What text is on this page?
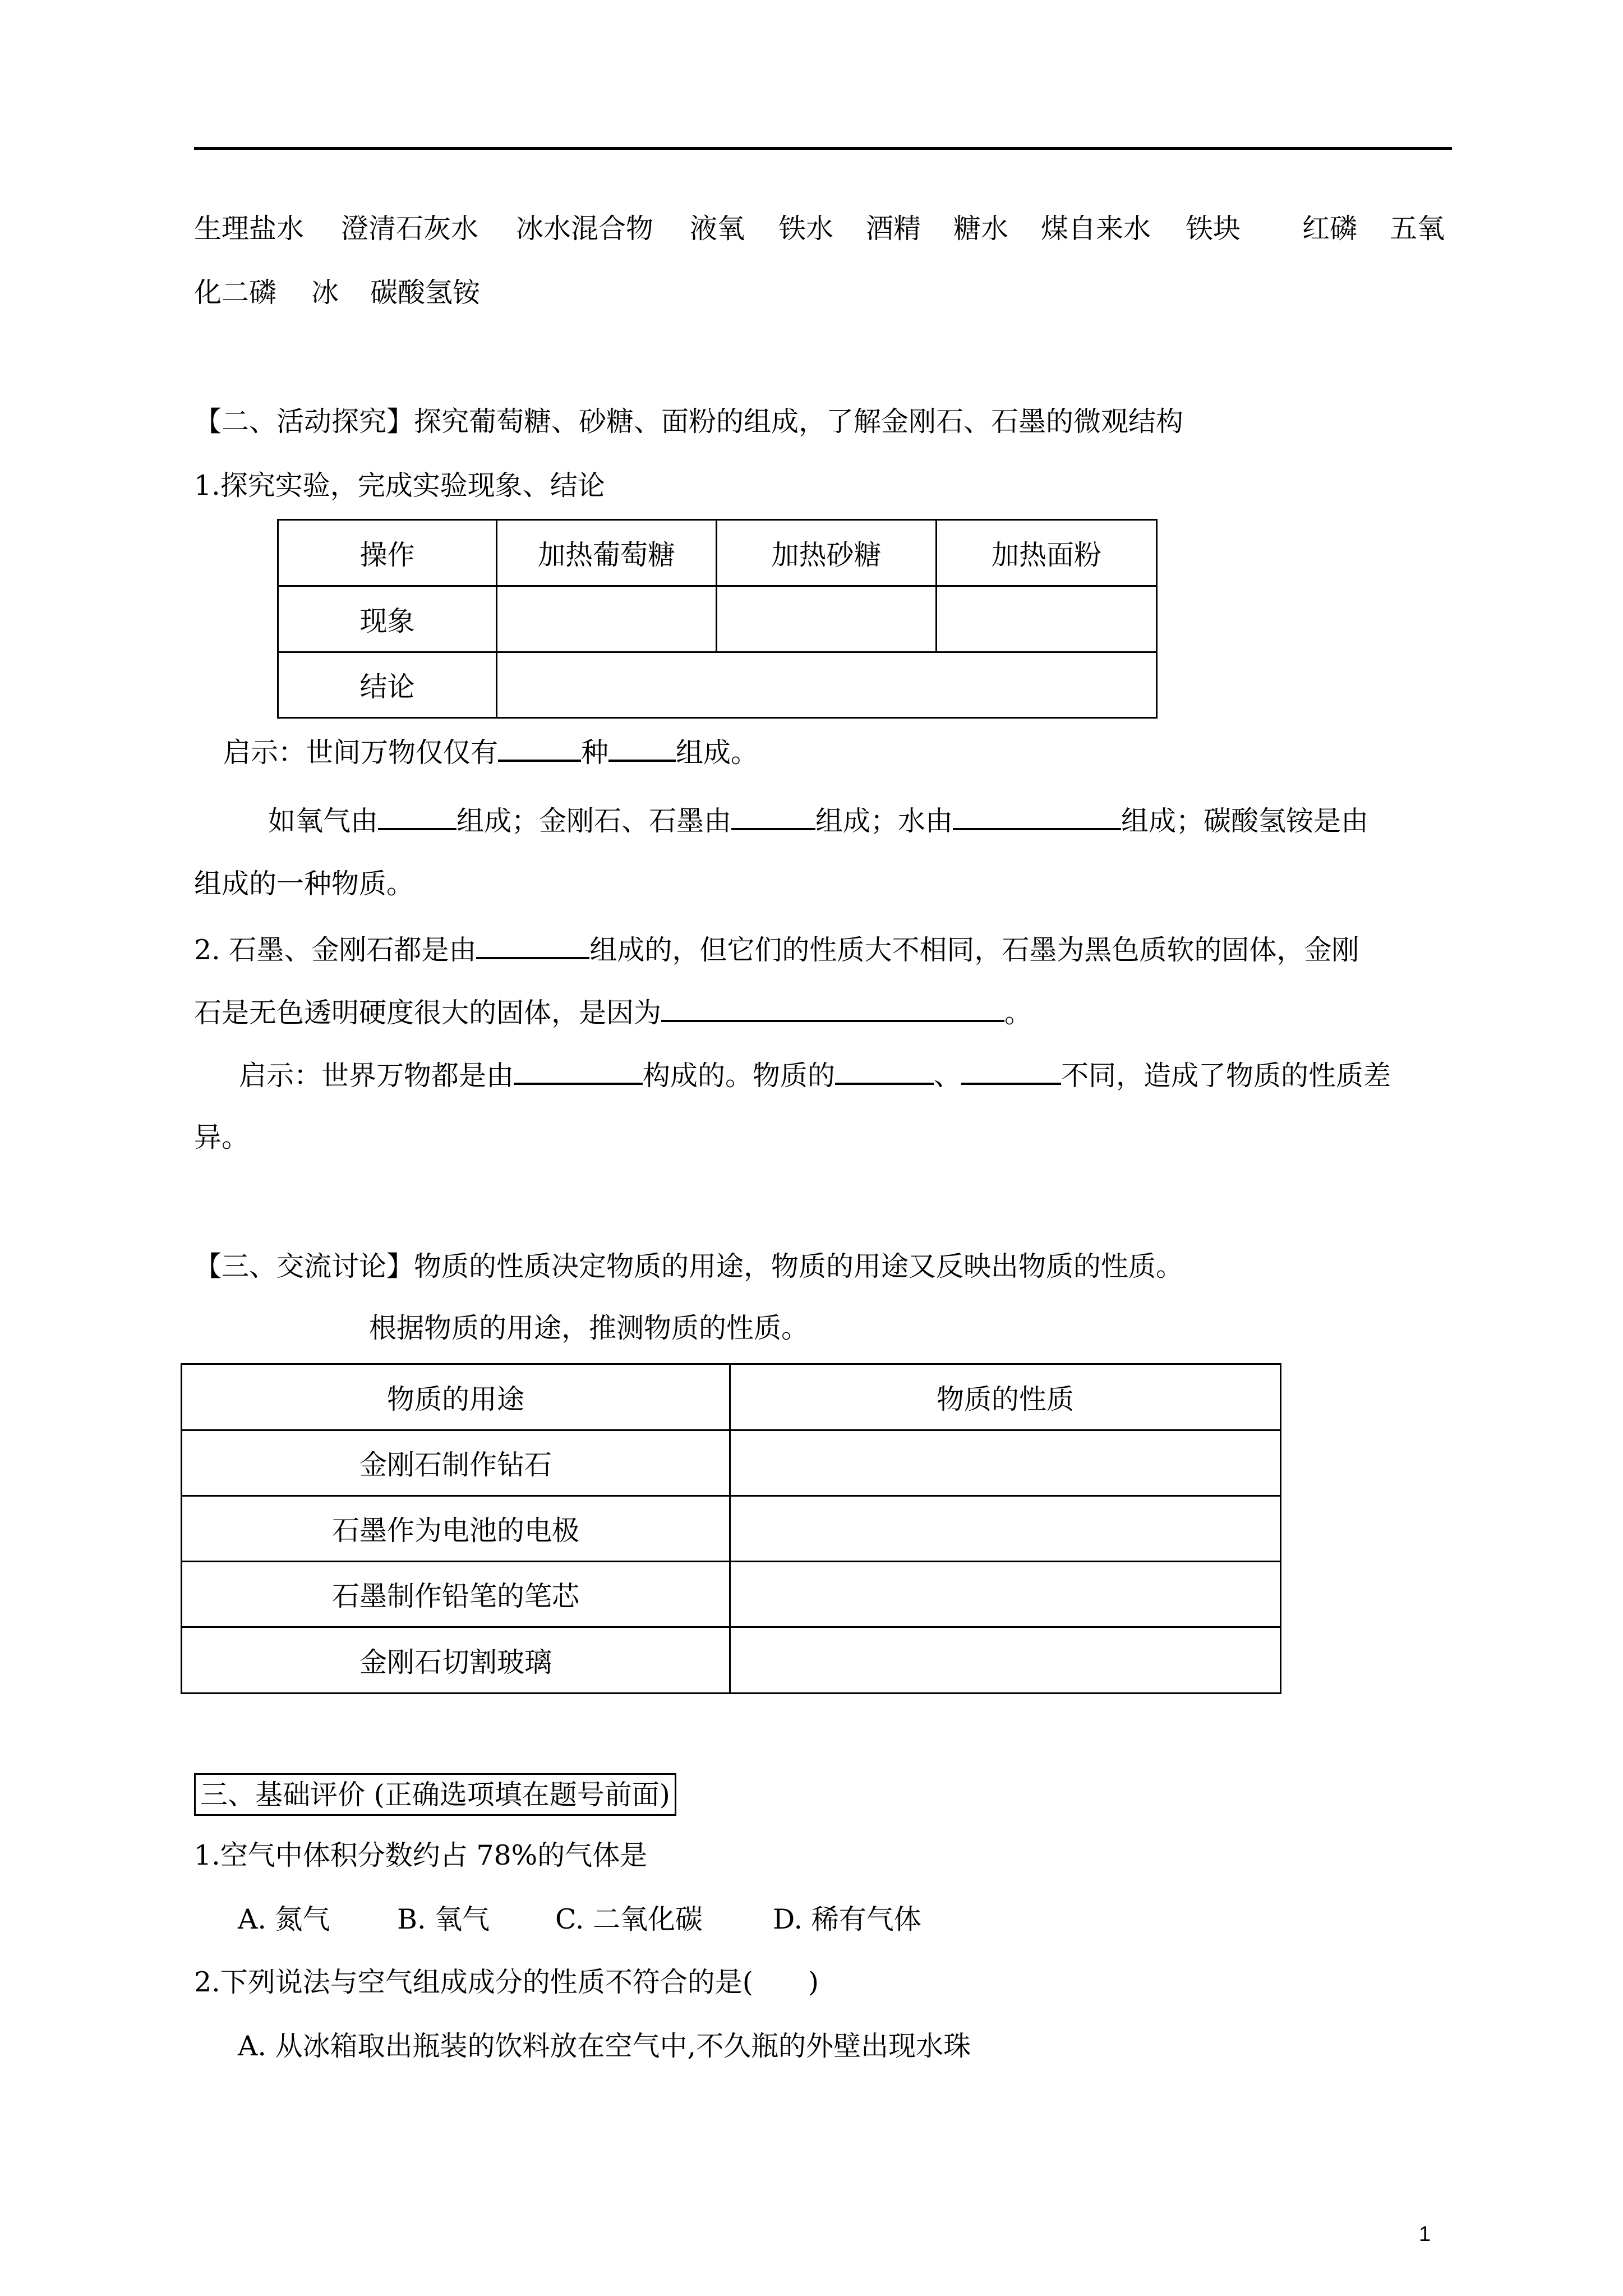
生理盐水 澄清石灰水 冰水混合物 液氧 铁水 酒精 糖水 煤自来水 铁块 红磷 五氧
化二磷 冰 碳酸氢铵
【二、活动探究】探究葡萄糖、砂糖、面粉的组成，了解金刚石、石墨的微观结构
1.探究实验，完成实验现象、结论
操作	加热葡萄糖	加热砂糖	加热面粉
现象			
结论			
启示：世间万物仅仅有	种 组成。
如氧气由	组成；金刚石、石墨由	组成；水由	组成；碳酸氢铵是由
组成的一种物质。
2. 石墨、金刚石都是由	组成的，但它们的性质大不相同，石墨为黑色质软的固体，金刚
石是无色透明硬度很大的固体，是因为	。
启示：世界万物都是由	构成的。物质的	、	不同，造成了物质的性质差
异。
【三、交流讨论】物质的性质决定物质的用途，物质的用途又反映出物质的性质。
根据物质的用途，推测物质的性质。
物质的用途	物质的性质
金刚石制作钻石	
石墨作为电池的电极	
石墨制作铅笔的笔芯	
金刚石切割玻璃	
三、基础评价 (正确选项填在题号前面)
1.空气中体积分数约占 78%的气体是
A. 氮气 B. 氧气 C. 二氧化碳	D. 稀有气体
2.下列说法与空气组成成分的性质不符合的是(　　)
A. 从冰箱取出瓶装的饮料放在空气中,不久瓶的外壁出现水珠
1
